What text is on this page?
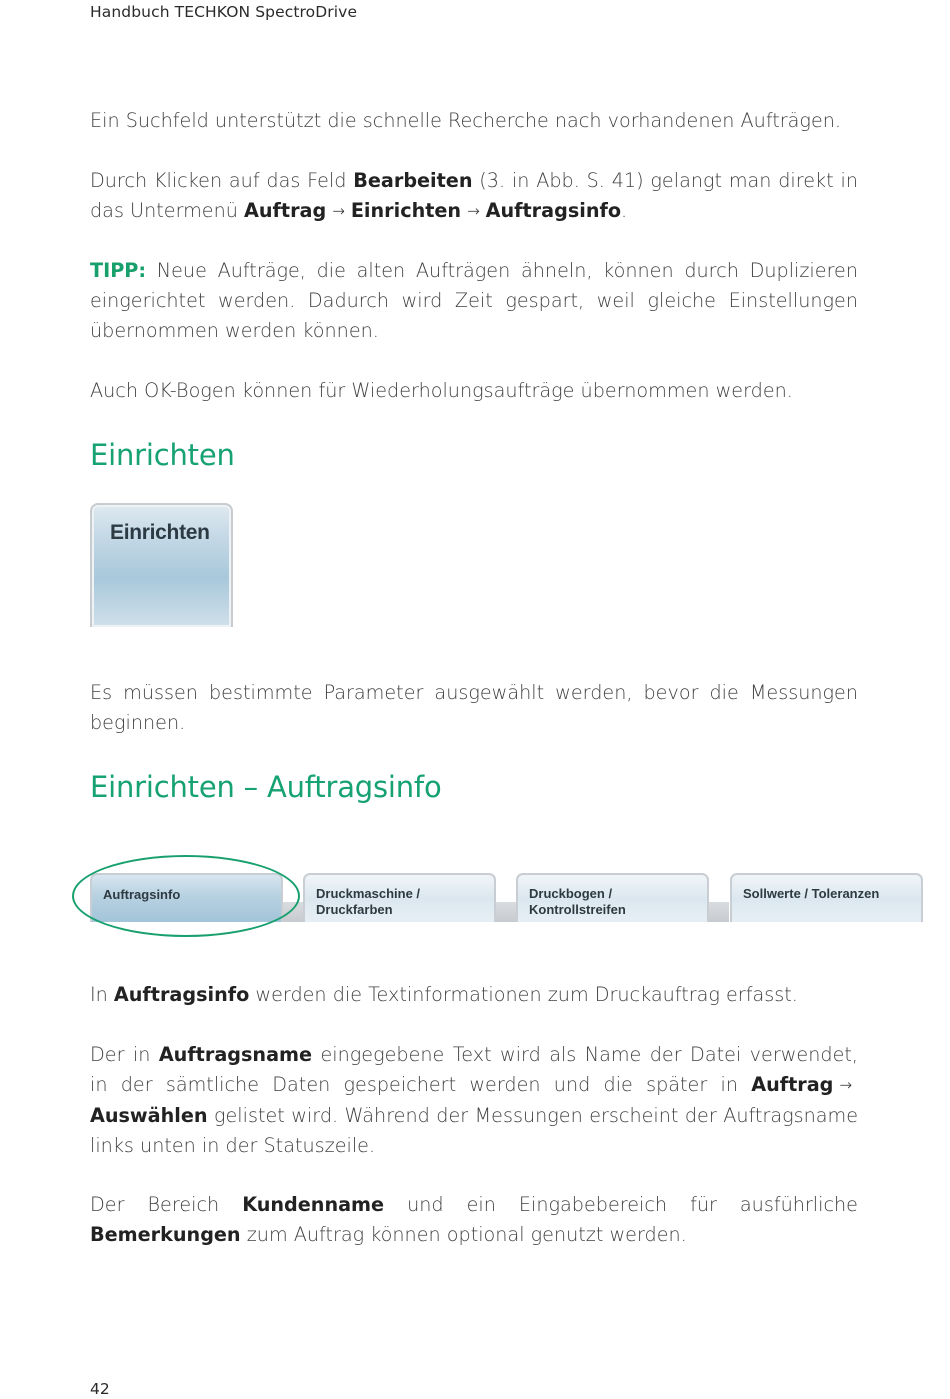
Handbuch TECHKON SpectroDrive

Ein Suchfeld unterstützt die schnelle Recherche nach vorhandenen Aufträgen.

Durch Klicken auf das Feld Bearbeiten (3. in Abb. S. 41) gelangt man direkt in das Untermenü Auftrag → Einrichten → Auftragsinfo.

TIPP: Neue Aufträge, die alten Aufträgen ähneln, können durch Duplizieren eingerichtet werden. Dadurch wird Zeit gespart, weil gleiche Einstellungen übernommen werden können.

Auch OK-Bogen können für Wiederholungsaufträge übernommen werden.

Einrichten
Einrichten

Es müssen bestimmte Parameter ausgewählt werden, bevor die Messungen beginnen.

Einrichten – Auftragsinfo
Auftragsinfo	Druckmaschine /
Druckfarben
Druckbogen /
Kontrollstreifen
Sollwerte / Toleranzen

In Auftragsinfo werden die Textinformationen zum Druckauftrag erfasst.

Der in Auftragsname eingegebene Text wird als Name der Datei verwendet, in der sämtliche Daten gespeichert werden und die später in Auftrag →Auswählen gelistet wird. Während der Messungen erscheint der Auftragsname links unten in der Statuszeile.

Der Bereich Kundenname und ein Eingabebereich für ausführliche Bemerkungen zum Auftrag können optional genutzt werden.

42
